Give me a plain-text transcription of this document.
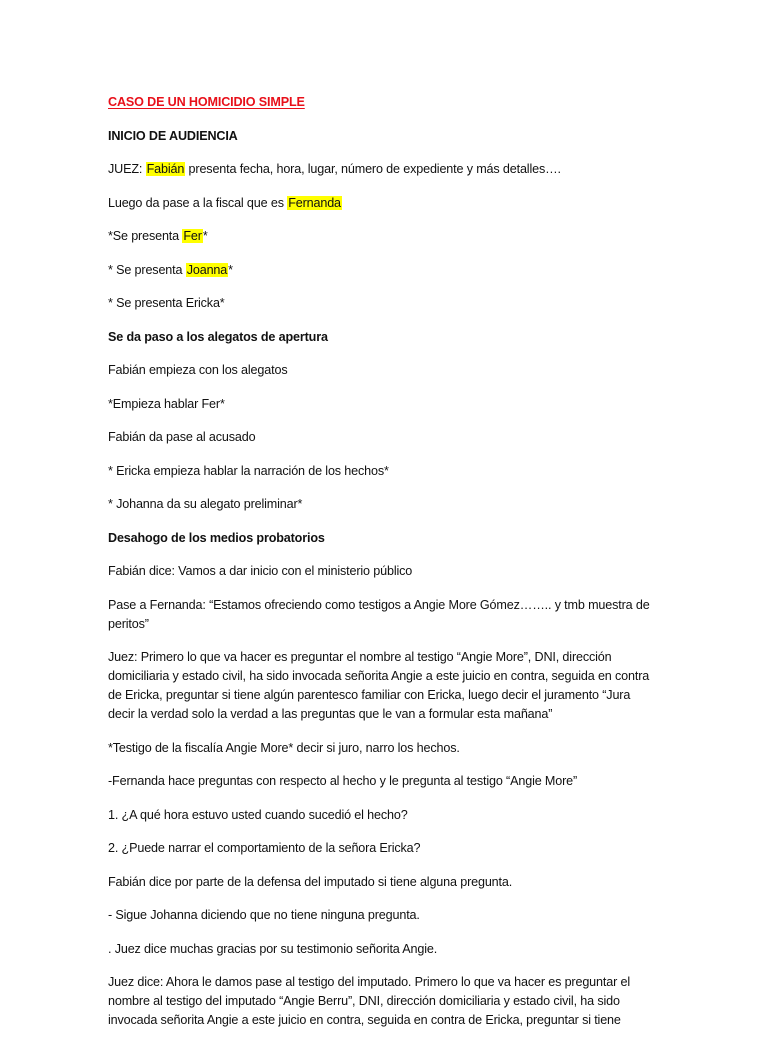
CASO DE UN HOMICIDIO SIMPLE

INICIO DE AUDIENCIA

JUEZ: Fabián presenta fecha, hora, lugar, número de expediente y más detalles….

Luego da pase a la fiscal que es Fernanda

*Se presenta Fer*

* Se presenta Joanna*

* Se presenta Ericka*

Se da paso a los alegatos de apertura

Fabián empieza con los alegatos

*Empieza hablar Fer*

Fabián da pase al acusado

* Ericka empieza hablar la narración de los hechos*

* Johanna da su alegato preliminar*

Desahogo de los medios probatorios

Fabián dice: Vamos a dar inicio con el ministerio público

Pase a Fernanda: “Estamos ofreciendo como testigos a Angie More Gómez…….. y tmb muestra de peritos”

Juez: Primero lo que va hacer es preguntar el nombre al testigo “Angie More”, DNI, dirección domiciliaria y estado civil, ha sido invocada señorita Angie a este juicio en contra, seguida en contra de Ericka, preguntar si tiene algún parentesco familiar con Ericka, luego decir el juramento “Jura decir la verdad solo la verdad a las preguntas que le van a formular esta mañana”

*Testigo de la fiscalía Angie More* decir si juro, narro los hechos.

-Fernanda hace preguntas con respecto al hecho y le pregunta al testigo “Angie More”

1. ¿A qué hora estuvo usted cuando sucedió el hecho?

2. ¿Puede narrar el comportamiento de la señora Ericka?

Fabián dice por parte de la defensa del imputado si tiene alguna pregunta.

- Sigue Johanna diciendo que no tiene ninguna pregunta.

. Juez dice muchas gracias por su testimonio señorita Angie.

Juez dice: Ahora le damos pase al testigo del imputado. Primero lo que va hacer es preguntar el nombre al testigo del imputado “Angie Berru”, DNI, dirección domiciliaria y estado civil, ha sido invocada señorita Angie a este juicio en contra, seguida en contra de Ericka, preguntar si tiene
